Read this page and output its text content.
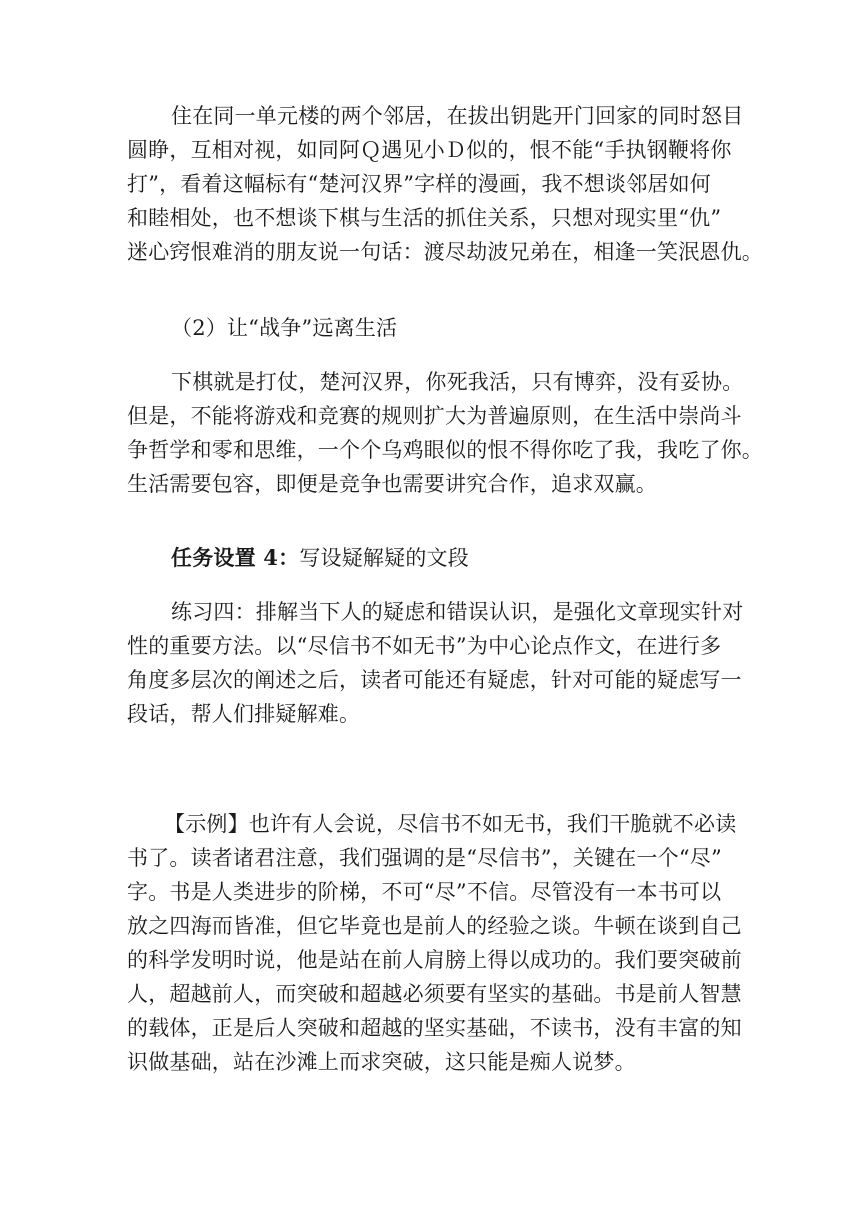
住在同一单元楼的两个邻居，在拔出钥匙开门回家的同时怒目
圆睁，互相对视，如同阿Ｑ遇见小Ｄ似的，恨不能“手执钢鞭将你
打”，看着这幅标有“楚河汉界”字样的漫画，我不想谈邻居如何
和睦相处，也不想谈下棋与生活的抓住关系，只想对现实里“仇”
迷心窍恨难消的朋友说一句话：渡尽劫波兄弟在，相逢一笑泯恩仇。
（2）让“战争”远离生活
下棋就是打仗，楚河汉界，你死我活，只有博弈，没有妥协。
但是，不能将游戏和竞赛的规则扩大为普遍原则，在生活中崇尚斗
争哲学和零和思维，一个个乌鸡眼似的恨不得你吃了我，我吃了你。
生活需要包容，即便是竞争也需要讲究合作，追求双赢。
任务设置 4：写设疑解疑的文段
练习四：排解当下人的疑虑和错误认识，是强化文章现实针对
性的重要方法。以“尽信书不如无书”为中心论点作文，在进行多
角度多层次的阐述之后，读者可能还有疑虑，针对可能的疑虑写一
段话，帮人们排疑解难。
【示例】也许有人会说，尽信书不如无书，我们干脆就不必读
书了。读者诸君注意，我们强调的是“尽信书”，关键在一个“尽”
字。书是人类进步的阶梯，不可“尽”不信。尽管没有一本书可以
放之四海而皆准，但它毕竟也是前人的经验之谈。牛顿在谈到自己
的科学发明时说，他是站在前人肩膀上得以成功的。我们要突破前
人，超越前人，而突破和超越必须要有坚实的基础。书是前人智慧
的载体，正是后人突破和超越的坚实基础，不读书，没有丰富的知
识做基础，站在沙滩上而求突破，这只能是痴人说梦。
